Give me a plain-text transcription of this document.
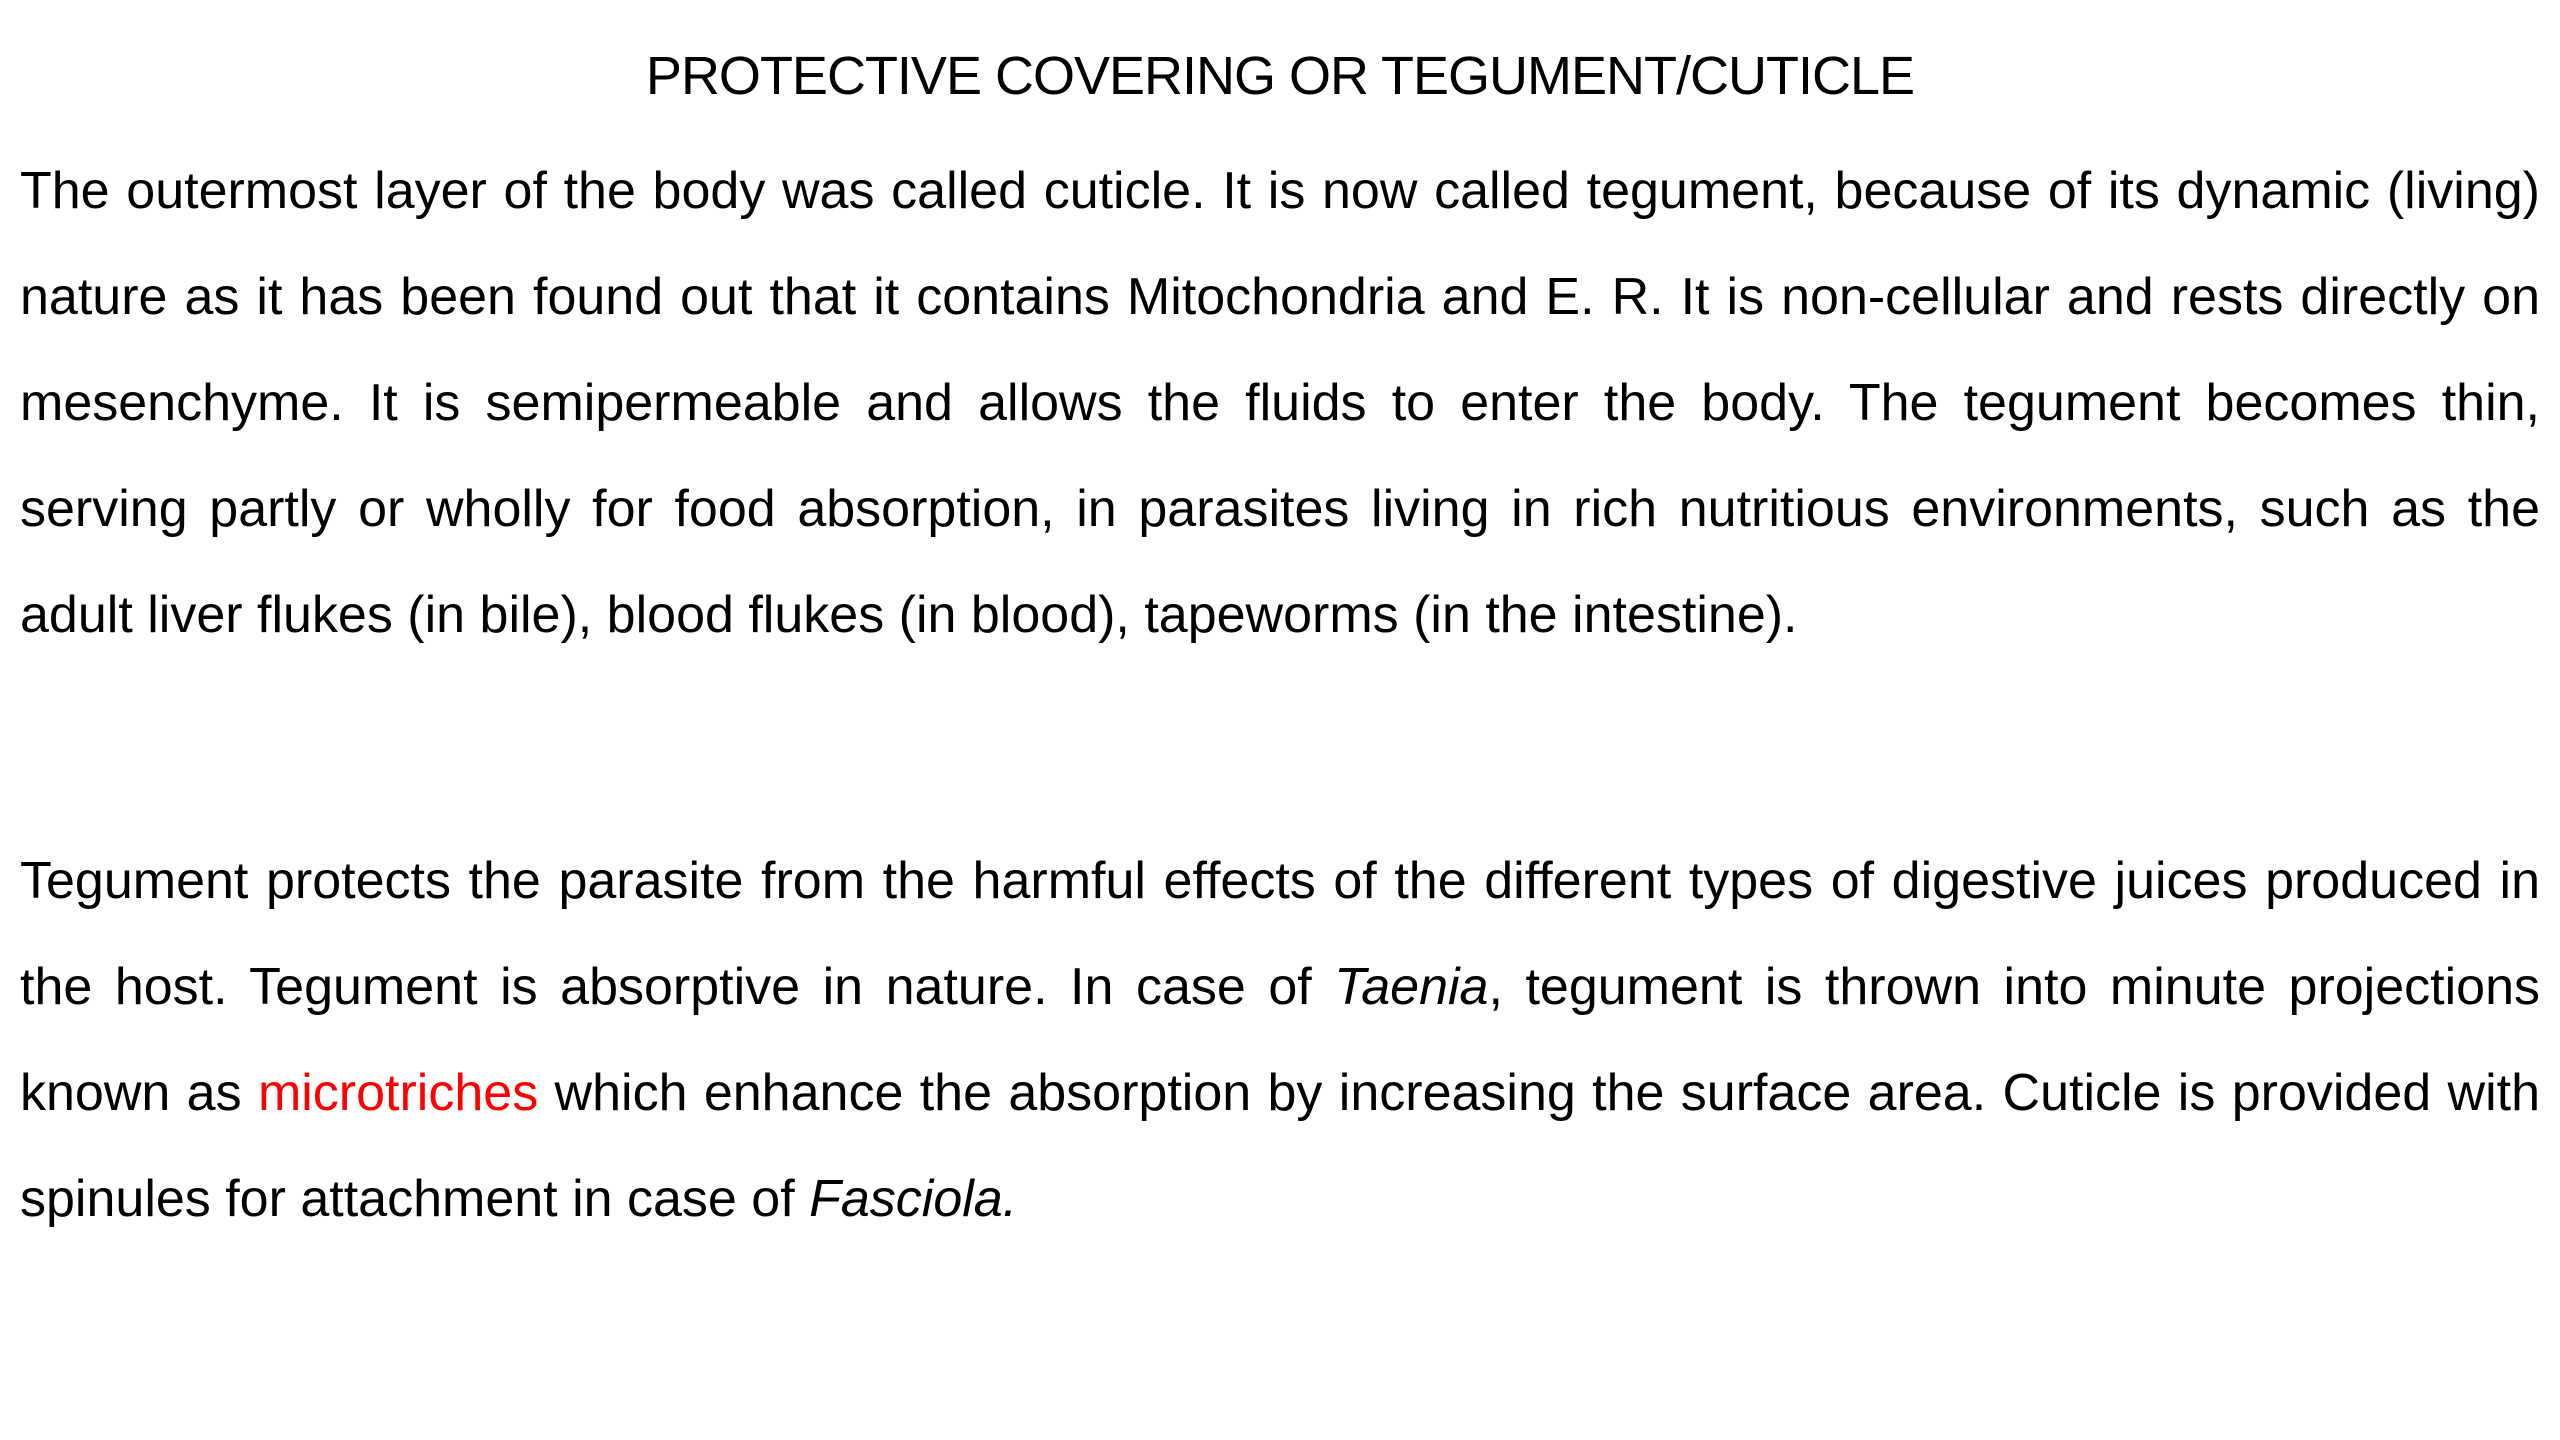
PROTECTIVE COVERING OR TEGUMENT/CUTICLE

The outermost layer of the body was called cuticle. It is now called tegument, because of its dynamic (living) nature as it has been found out that it contains Mitochondria and E. R. It is non-cellular and rests directly on mesenchyme. It is semipermeable and allows the fluids to enter the body. The tegument becomes thin, serving partly or wholly for food absorption, in parasites living in rich nutritious environments, such as the adult liver flukes (in bile), blood flukes (in blood), tapeworms (in the intestine).

Tegument protects the parasite from the harmful effects of the different types of digestive juices produced in the host. Tegument is absorptive in nature. In case of Taenia, tegument is thrown into minute projections known as microtriches which enhance the absorption by increasing the surface area. Cuticle is provided with spinules for attachment in case of Fasciola.
